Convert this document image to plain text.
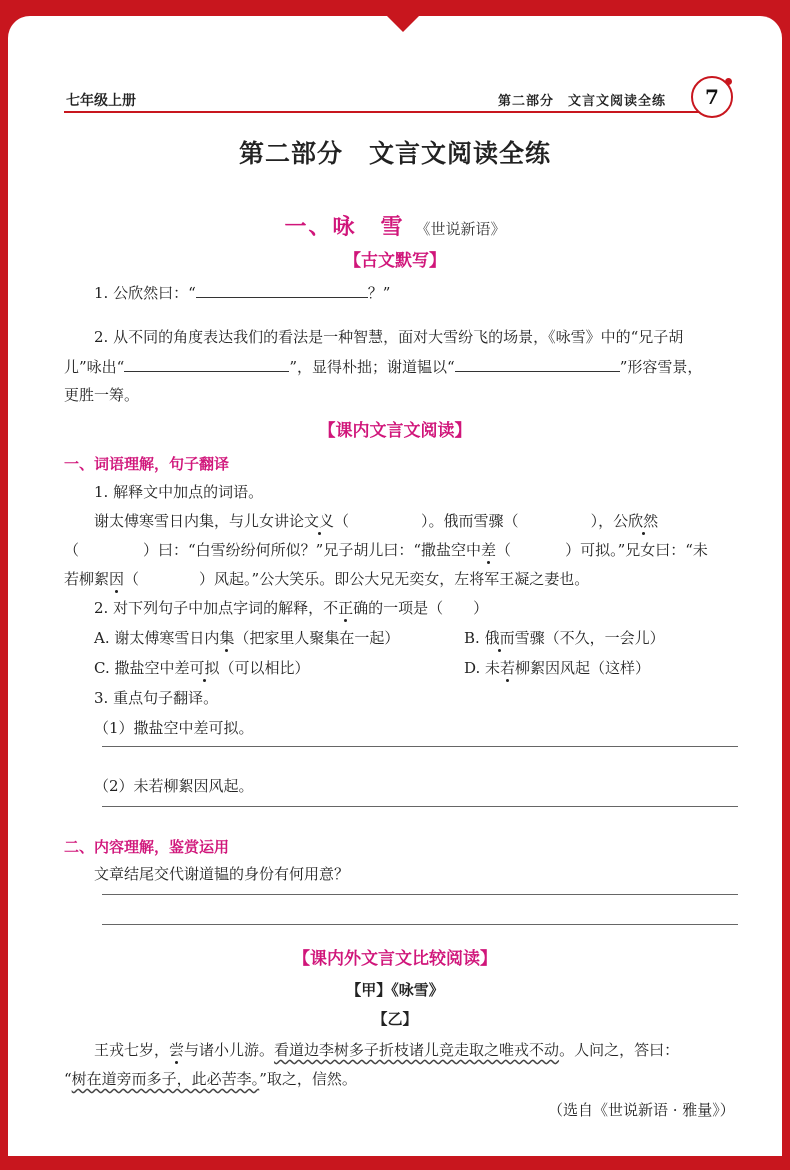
七年级上册	第二部分　文言文阅读全练	7
第二部分　文言文阅读全练
一、咏　雪 《世说新语》
【古文默写】
1. 公欣然曰：“	？”
2. 从不同的角度表达我们的看法是一种智慧，面对大雪纷飞的场景，《咏雪》中的“兄子胡
儿”咏出“	”，显得朴拙；谢道韫以“	”形容雪景，
更胜一筹。
【课内文言文阅读】
一、词语理解，句子翻译
1. 解释文中加点的词语。
谢太傅寒雪日内集，与儿女讲论文义（	）。俄而雪骤（	），公欣然
（	）曰：“白雪纷纷何所似？”兄子胡儿曰：“撒盐空中差（	）可拟。”兄女曰：“未
若柳絮因（	）风起。”公大笑乐。即公大兄无奕女，左将军王凝之妻也。
2. 对下列句子中加点字词的解释，不正确的一项是（　　）
A. 谢太傅寒雪日内集（把家里人聚集在一起）	B. 俄而雪骤（不久，一会儿）
C. 撒盐空中差可拟（可以相比）	D. 未若柳絮因风起（这样）
3. 重点句子翻译。
（1）撒盐空中差可拟。
（2）未若柳絮因风起。
二、内容理解，鉴赏运用
文章结尾交代谢道韫的身份有何用意？
【课内外文言文比较阅读】
【甲】《咏雪》
【乙】
王戎七岁，尝与诸小儿游。看道边李树多子折枝诸儿竞走取之唯戎不动。人问之，答曰：
“树在道旁而多子，此必苦李。”取之，信然。
（选自《世说新语 · 雅量》）
